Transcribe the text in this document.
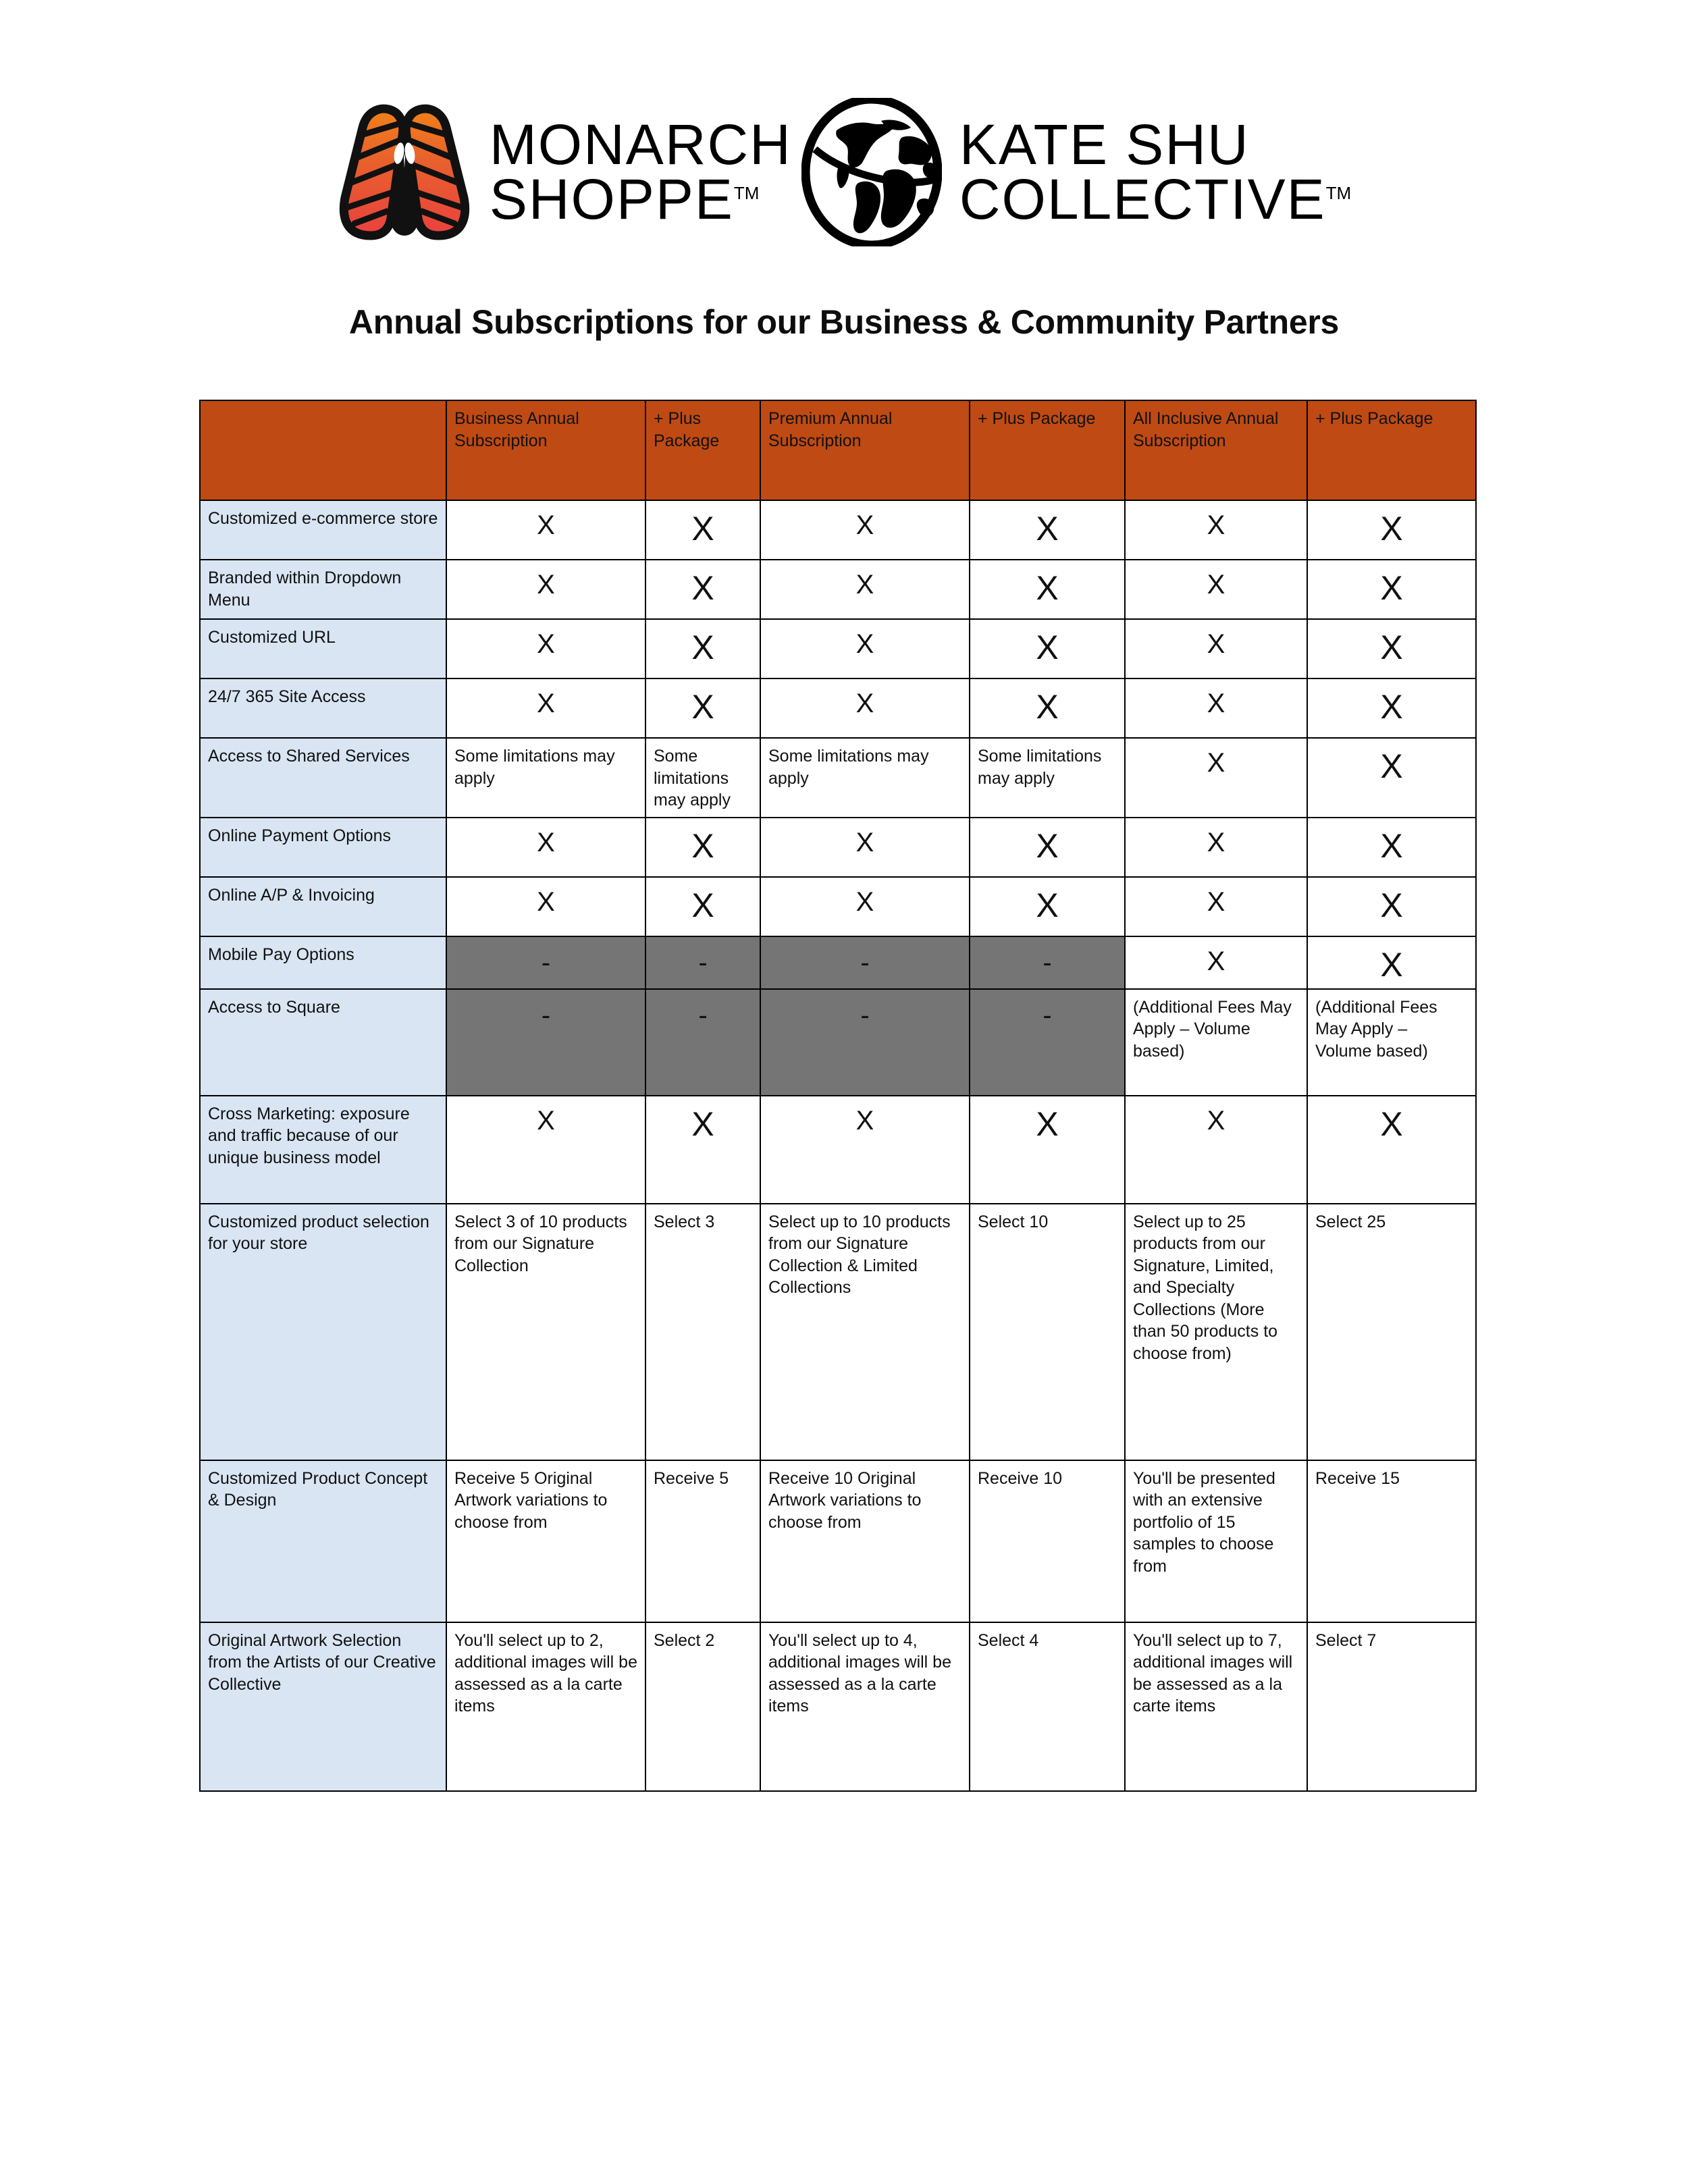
MONARCH
SHOPPE™
KATE SHU
COLLECTIVE™
Annual Subscriptions for our Business & Community Partners
	Business Annual Subscription	+ Plus Package	Premium Annual Subscription	+ Plus Package	All Inclusive Annual Subscription	+ Plus Package
Customized e-commerce store	X	X	X	X	X	X

Branded within Dropdown Menu	X	X	X	X	X	X

Customized URL	X	X	X	X	X	X

24/7 365 Site Access	X	X	X	X	X	X

Access to Shared Services	Some limitations may apply	Some limitations may apply	Some limitations may apply	Some limitations may apply	X	X

Online Payment Options	X	X	X	X	X	X

Online A/P & Invoicing	X	X	X	X	X	X

Mobile Pay Options	-	-	-	-	X	X

Access to Square	-	-	-	-	(Additional Fees May Apply – Volume based)	(Additional Fees May Apply – Volume based)

Cross Marketing: exposure and traffic because of our unique business model	X	X	X	X	X	X

Customized product selection for your store	Select 3 of 10 products from our Signature Collection	Select 3	Select up to 10 products from our Signature Collection & Limited Collections	Select 10	Select up to 25 products from our Signature, Limited, and Specialty Collections (More than 50 products to choose from)	Select 25

Customized Product Concept & Design	Receive 5 Original Artwork variations to choose from	Receive 5	Receive 10 Original Artwork variations to choose from	Receive 10	You'll be presented with an extensive portfolio of 15 samples to choose from	Receive 15

Original Artwork Selection from the Artists of our Creative Collective	You'll select up to 2, additional images will be assessed as a la carte items	Select 2	You'll select up to 4, additional images will be assessed as a la carte items	Select 4	You'll select up to 7, additional images will be assessed as a la carte items	Select 7
